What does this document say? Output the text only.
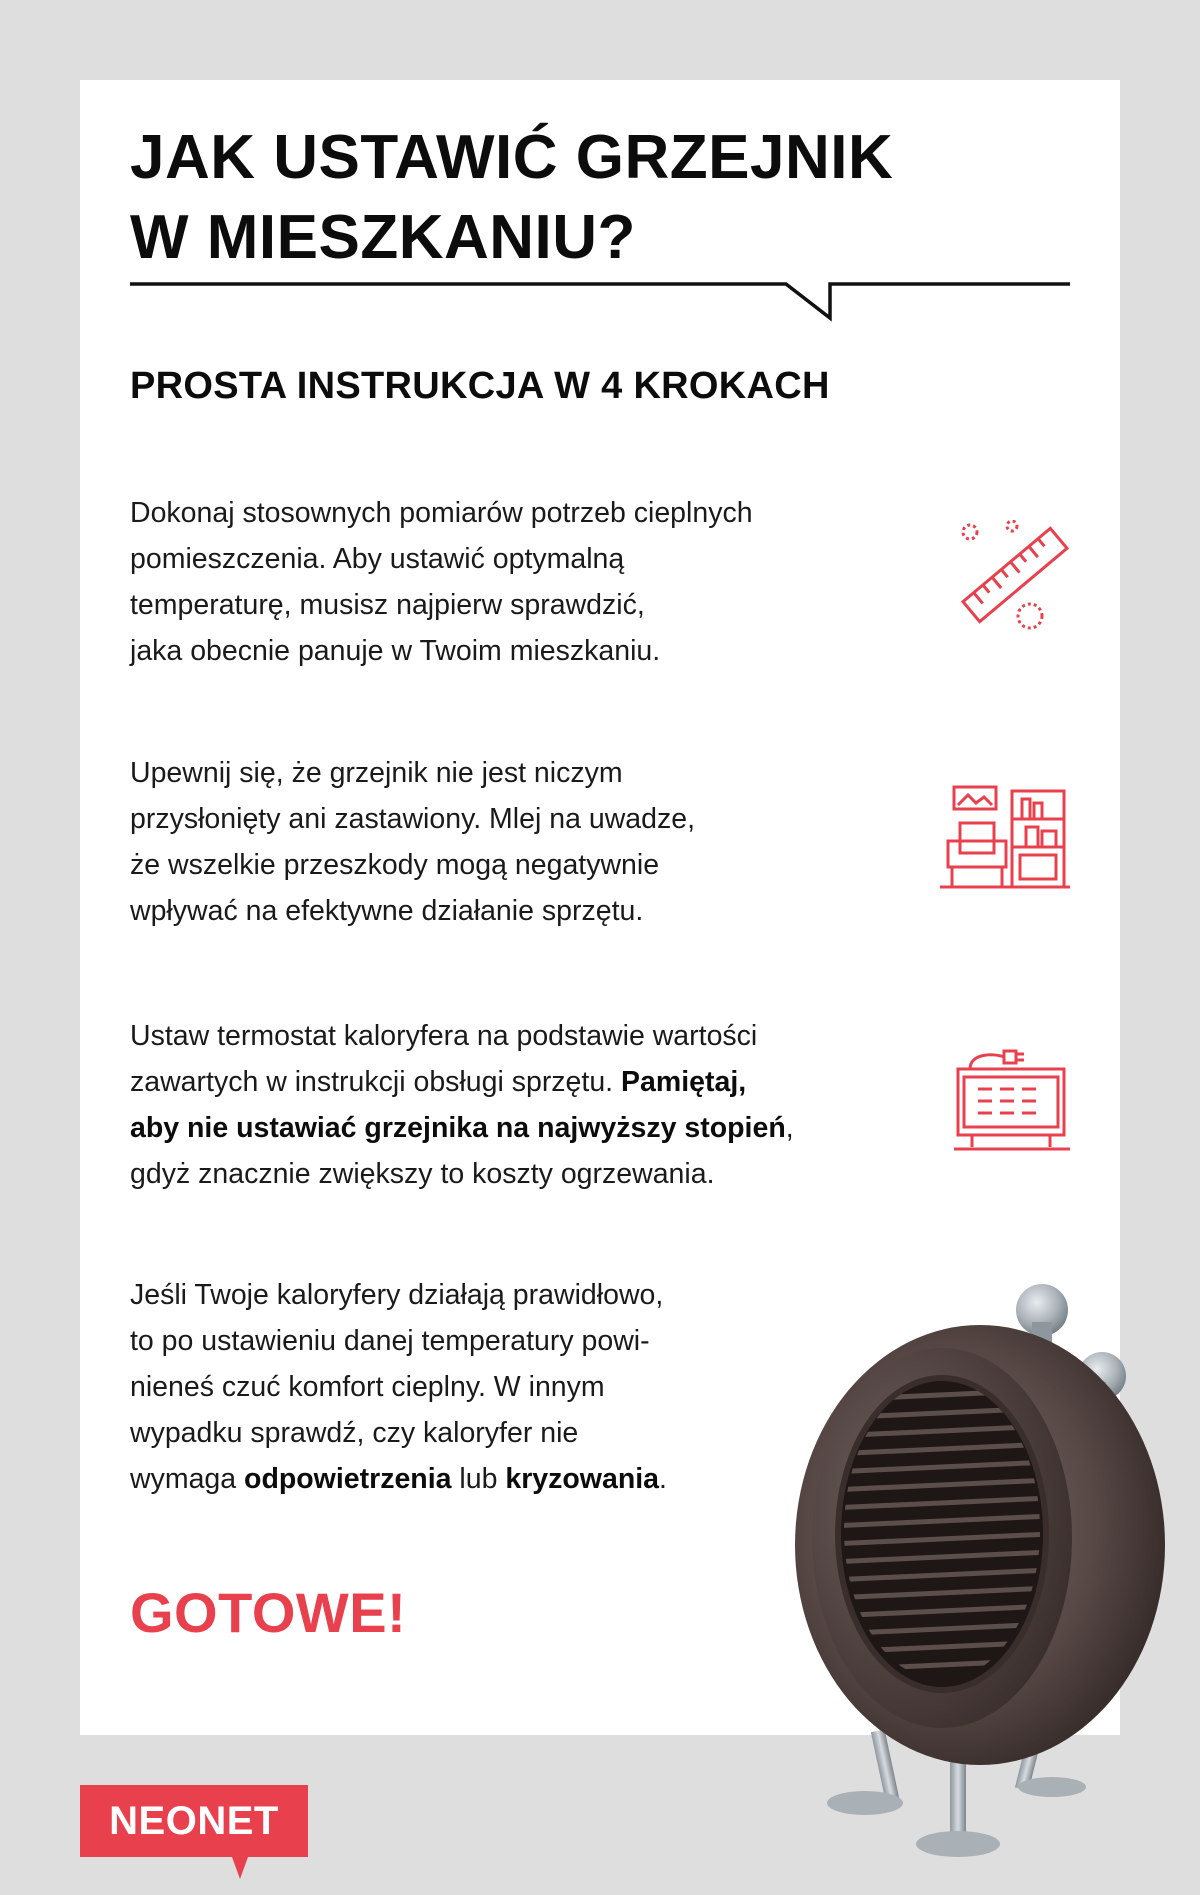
JAK USTAWIĆ GRZEJNIK
W MIESZKANIU?
PROSTA INSTRUKCJA W 4 KROKACH

Dokonaj stosownych pomiarów potrzeb cieplnych
pomieszczenia. Aby ustawić optymalną
temperaturę, musisz najpierw sprawdzić,
jaka obecnie panuje w Twoim mieszkaniu.

Upewnij się, że grzejnik nie jest niczym
przysłonięty ani zastawiony. Mlej na uwadze,
że wszelkie przeszkody mogą negatywnie
wpływać na efektywne działanie sprzętu.

Ustaw termostat kaloryfera na podstawie wartości
zawartych w instrukcji obsługi sprzętu. Pamiętaj,
aby nie ustawiać grzejnika na najwyższy stopień,
gdyż znacznie zwiększy to koszty ogrzewania.

Jeśli Twoje kaloryfery działają prawidłowo,
to po ustawieniu danej temperatury powi-
nieneś czuć komfort cieplny. W innym
wypadku sprawdź, czy kaloryfer nie
wymaga odpowietrzenia lub kryzowania.

GOTOWE!
NEONET
